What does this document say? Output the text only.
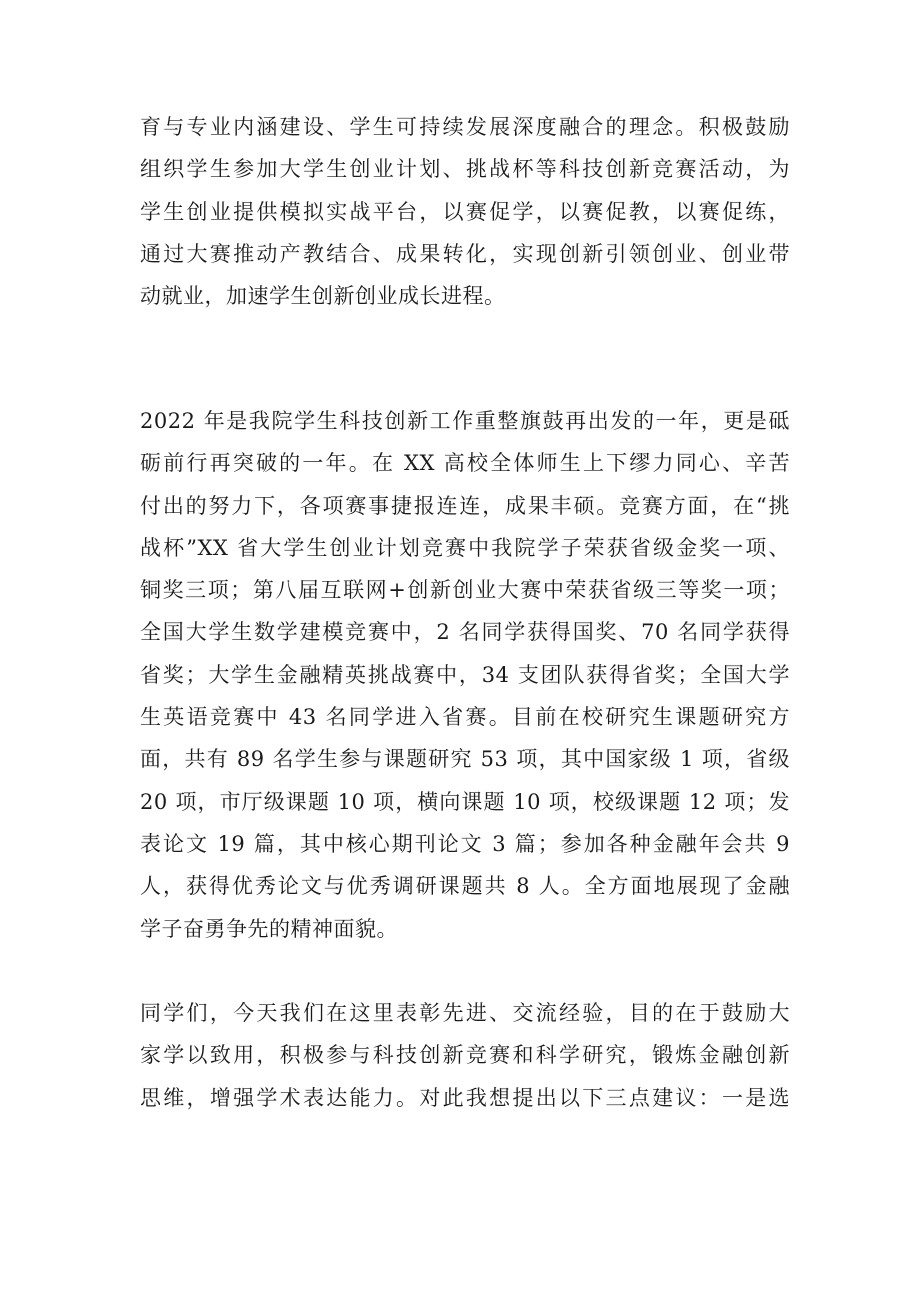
育与专业内涵建设、学生可持续发展深度融合的理念。积极鼓励
组织学生参加大学生创业计划、挑战杯等科技创新竞赛活动，为
学生创业提供模拟实战平台，以赛促学，以赛促教，以赛促练，
通过大赛推动产教结合、成果转化，实现创新引领创业、创业带
动就业，加速学生创新创业成长进程。
2022 年是我院学生科技创新工作重整旗鼓再出发的一年，更是砥
砺前行再突破的一年。在 XX 高校全体师生上下缪力同心、辛苦
付出的努力下，各项赛事捷报连连，成果丰硕。竞赛方面，在“挑
战杯”XX 省大学生创业计划竞赛中我院学子荣获省级金奖一项、
铜奖三项；第八届互联网+创新创业大赛中荣获省级三等奖一项；
全国大学生数学建模竞赛中，2 名同学获得国奖、70 名同学获得
省奖；大学生金融精英挑战赛中，34 支团队获得省奖；全国大学
生英语竞赛中 43 名同学进入省赛。目前在校研究生课题研究方
面，共有 89 名学生参与课题研究 53 项，其中国家级 1 项，省级
20 项，市厅级课题 10 项，横向课题 10 项，校级课题 12 项；发
表论文 19 篇，其中核心期刊论文 3 篇；参加各种金融年会共 9
人，获得优秀论文与优秀调研课题共 8 人。全方面地展现了金融
学子奋勇争先的精神面貌。
同学们，今天我们在这里表彰先进、交流经验，目的在于鼓励大
家学以致用，积极参与科技创新竞赛和科学研究，锻炼金融创新
思维，增强学术表达能力。对此我想提出以下三点建议：一是选
